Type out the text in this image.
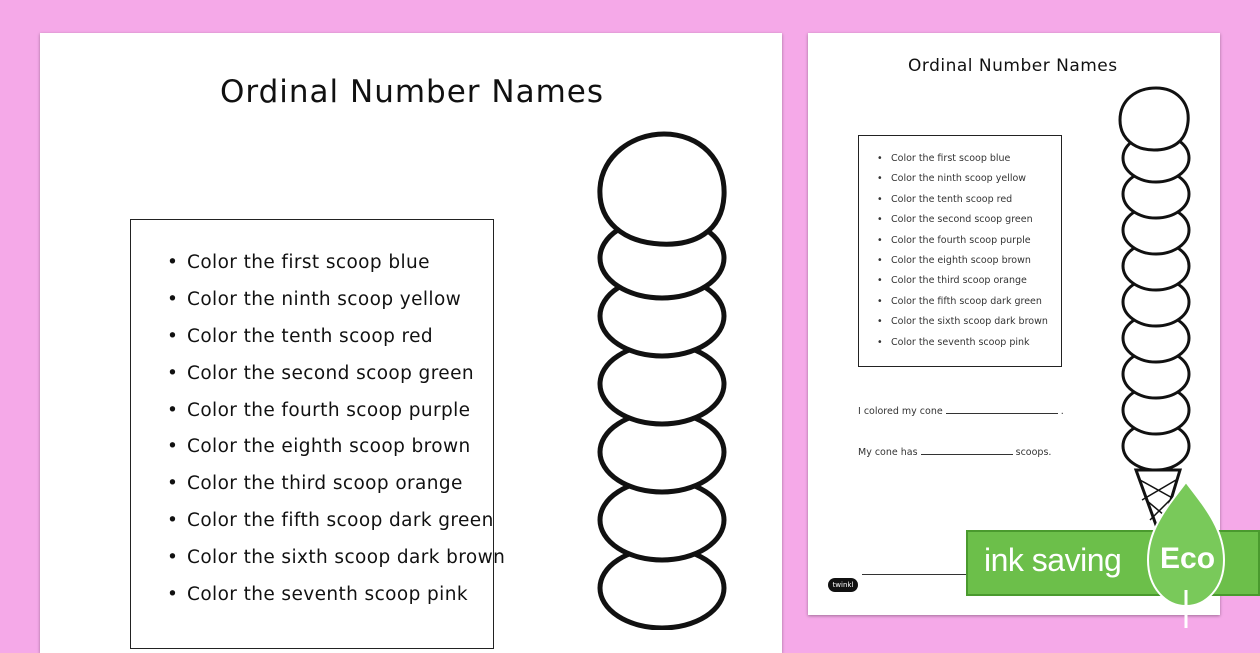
Ordinal Number Names
• Color the first scoop blue
• Color the ninth scoop yellow
• Color the tenth scoop red
• Color the second scoop green
• Color the fourth scoop purple
• Color the eighth scoop brown
• Color the third scoop orange
• Color the fifth scoop dark green
• Color the sixth scoop dark brown
• Color the seventh scoop pink
Ordinal Number Names
• Color the first scoop blue
• Color the ninth scoop yellow
• Color the tenth scoop red
• Color the second scoop green
• Color the fourth scoop purple
• Color the eighth scoop brown
• Color the third scoop orange
• Color the fifth scoop dark green
• Color the sixth scoop dark brown
• Color the seventh scoop pink
I colored my cone	.
My cone has	scoops.
twinkl
ink saving Eco
